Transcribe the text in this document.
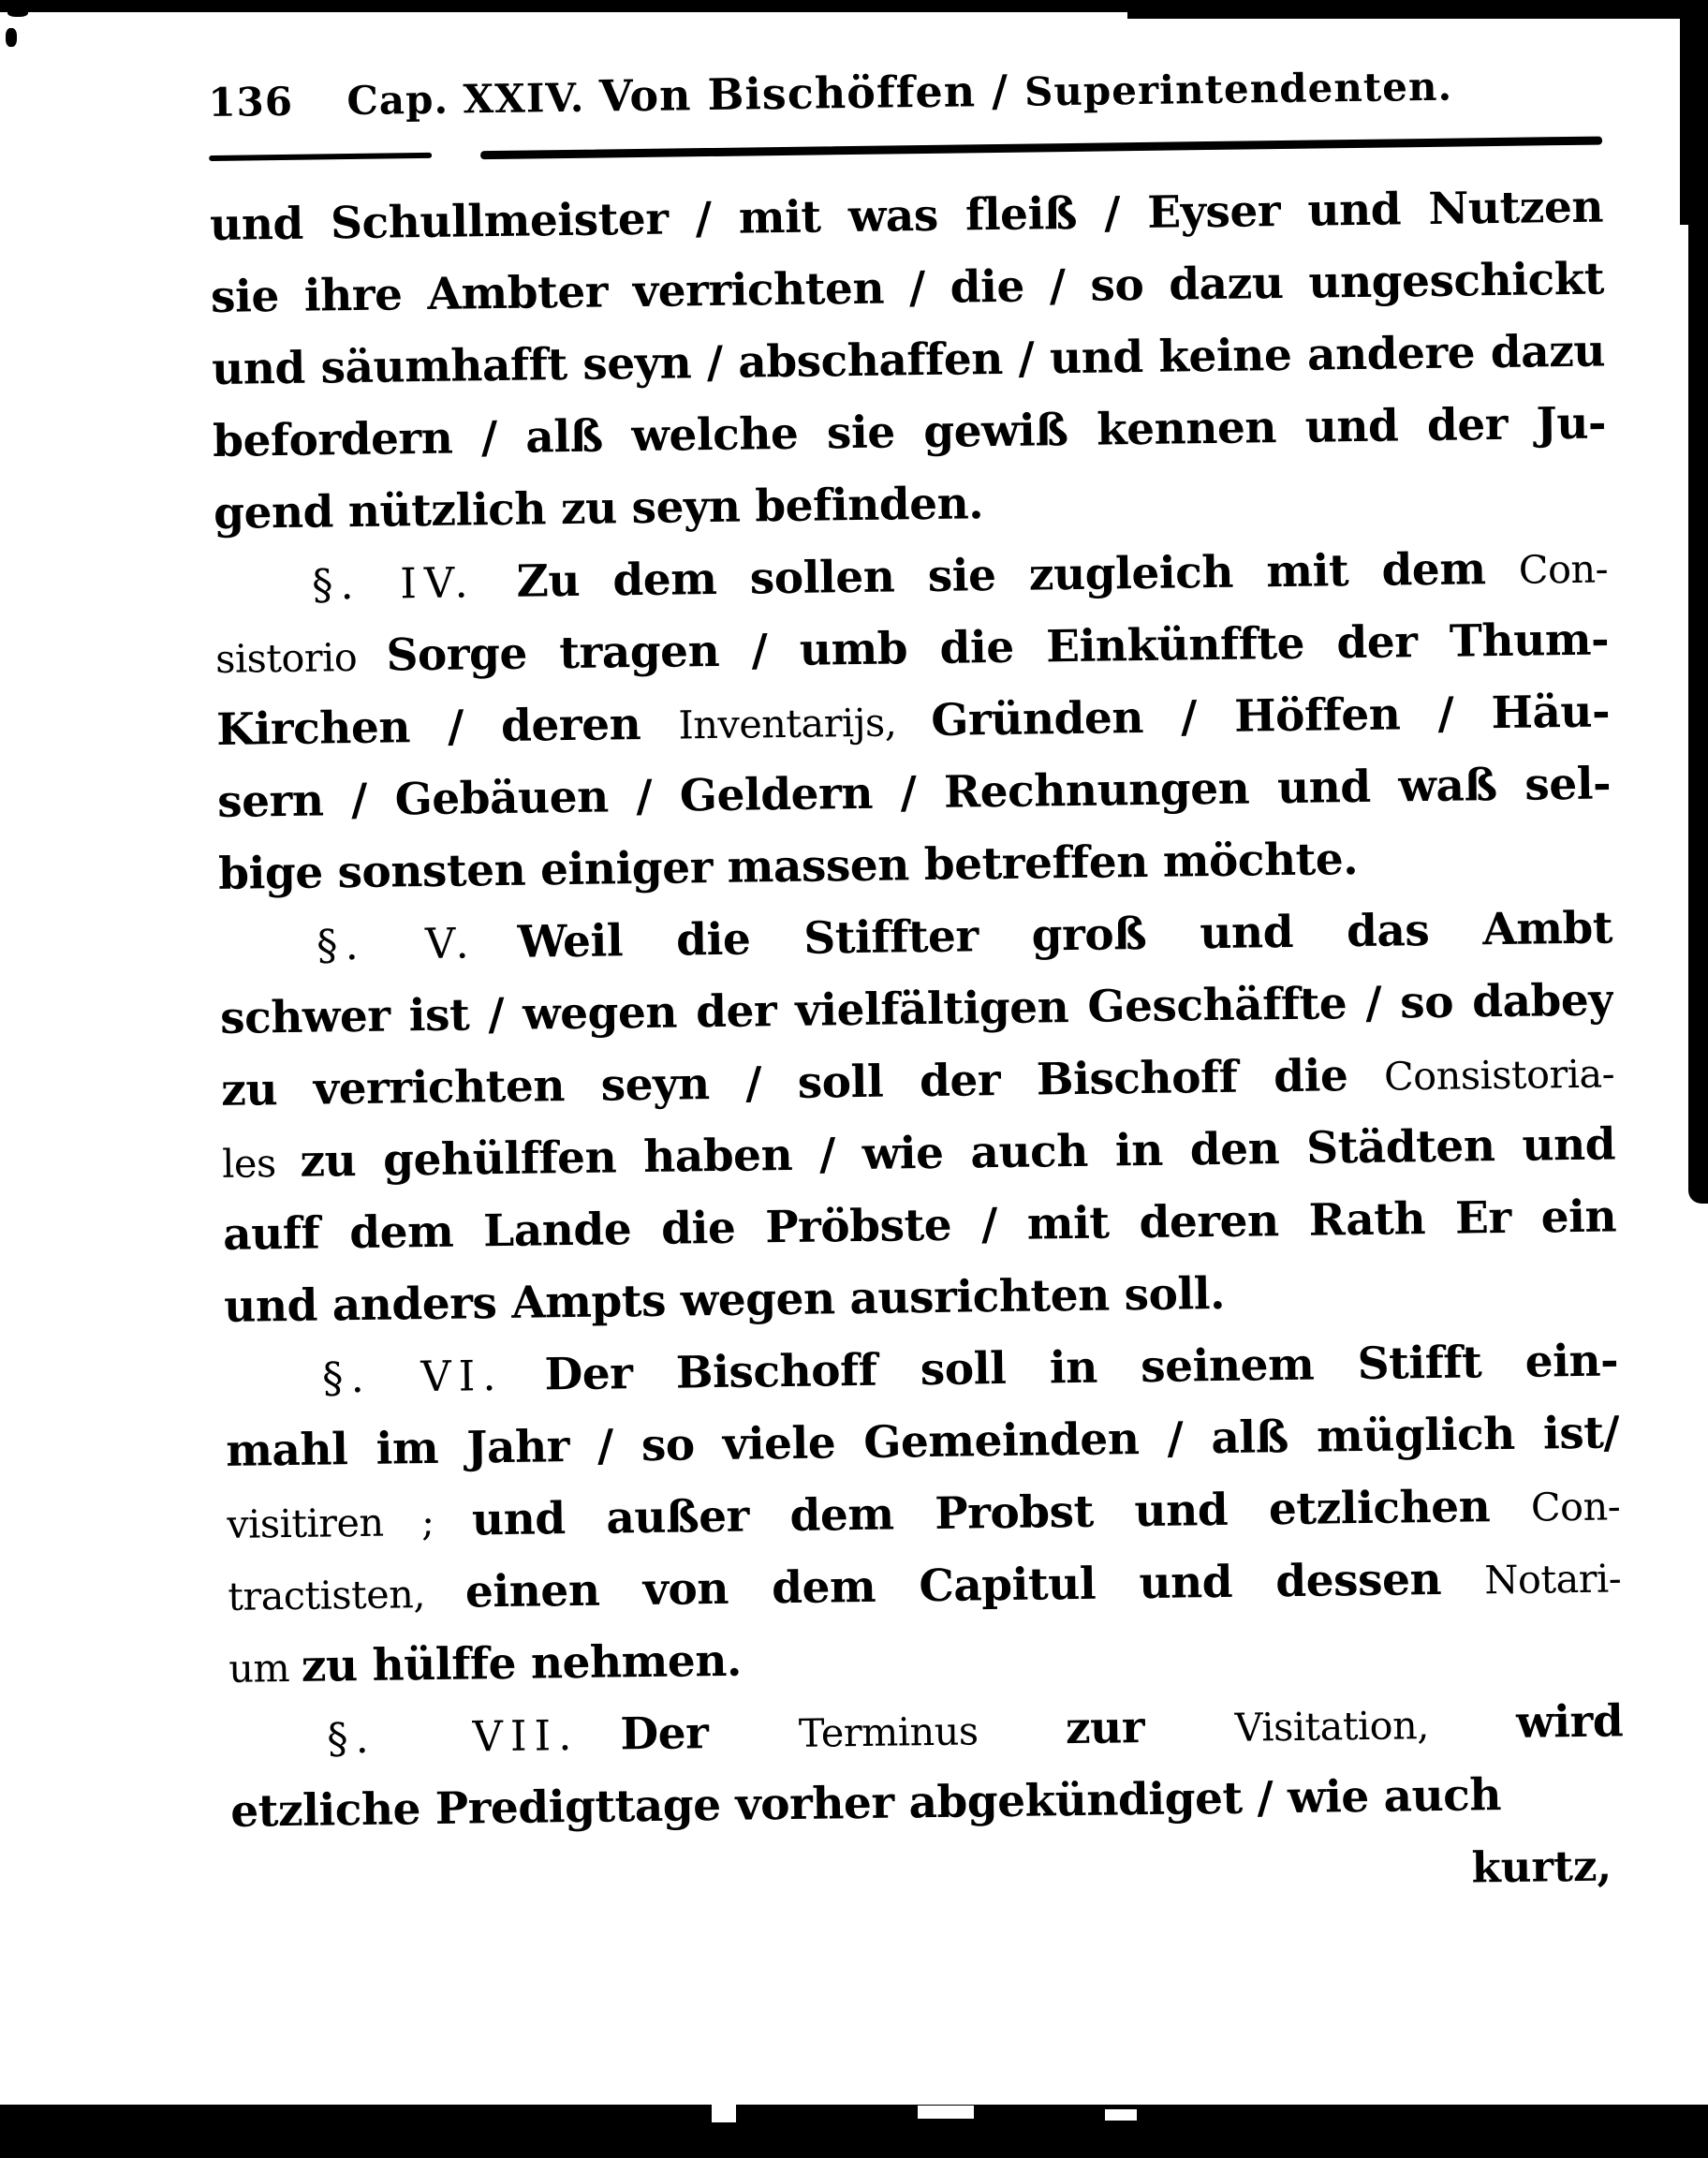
136	Cap. XXIV. Von Bischöffen / Superintendenten.
und Schullmeister / mit was fleiß / Eyser und Nutzen
sie ihre Ambter verrichten / die / so dazu ungeschickt
und säumhafft seyn / abschaffen / und keine andere dazu
befordern / alß welche sie gewiß kennen und der Ju-
gend nützlich zu seyn befinden.
§. IV. Zu dem sollen sie zugleich mit dem Con-
sistorio Sorge tragen / umb die Einkünffte der Thum-
Kirchen / deren Inventarijs, Gründen / Höffen / Häu-
sern / Gebäuen / Geldern / Rechnungen und waß sel-
bige sonsten einiger massen betreffen möchte.
§. V. Weil die Stiffter groß und das Ambt
schwer ist / wegen der vielfältigen Geschäffte / so dabey
zu verrichten seyn / soll der Bischoff die Consistoria-
les zu gehülffen haben / wie auch in den Städten und
auff dem Lande die Pröbste / mit deren Rath Er ein
und anders Ampts wegen ausrichten soll.
§. VI. Der Bischoff soll in seinem Stifft ein-
mahl im Jahr / so viele Gemeinden / alß müglich ist/
visitiren ; und außer dem Probst und etzlichen Con-
tractisten, einen von dem Capitul und dessen Notari-
um zu hülffe nehmen.
§. VII. Der Terminus zur Visitation, wird
etzliche Predigttage vorher abgekündiget / wie auch
kurtz,
